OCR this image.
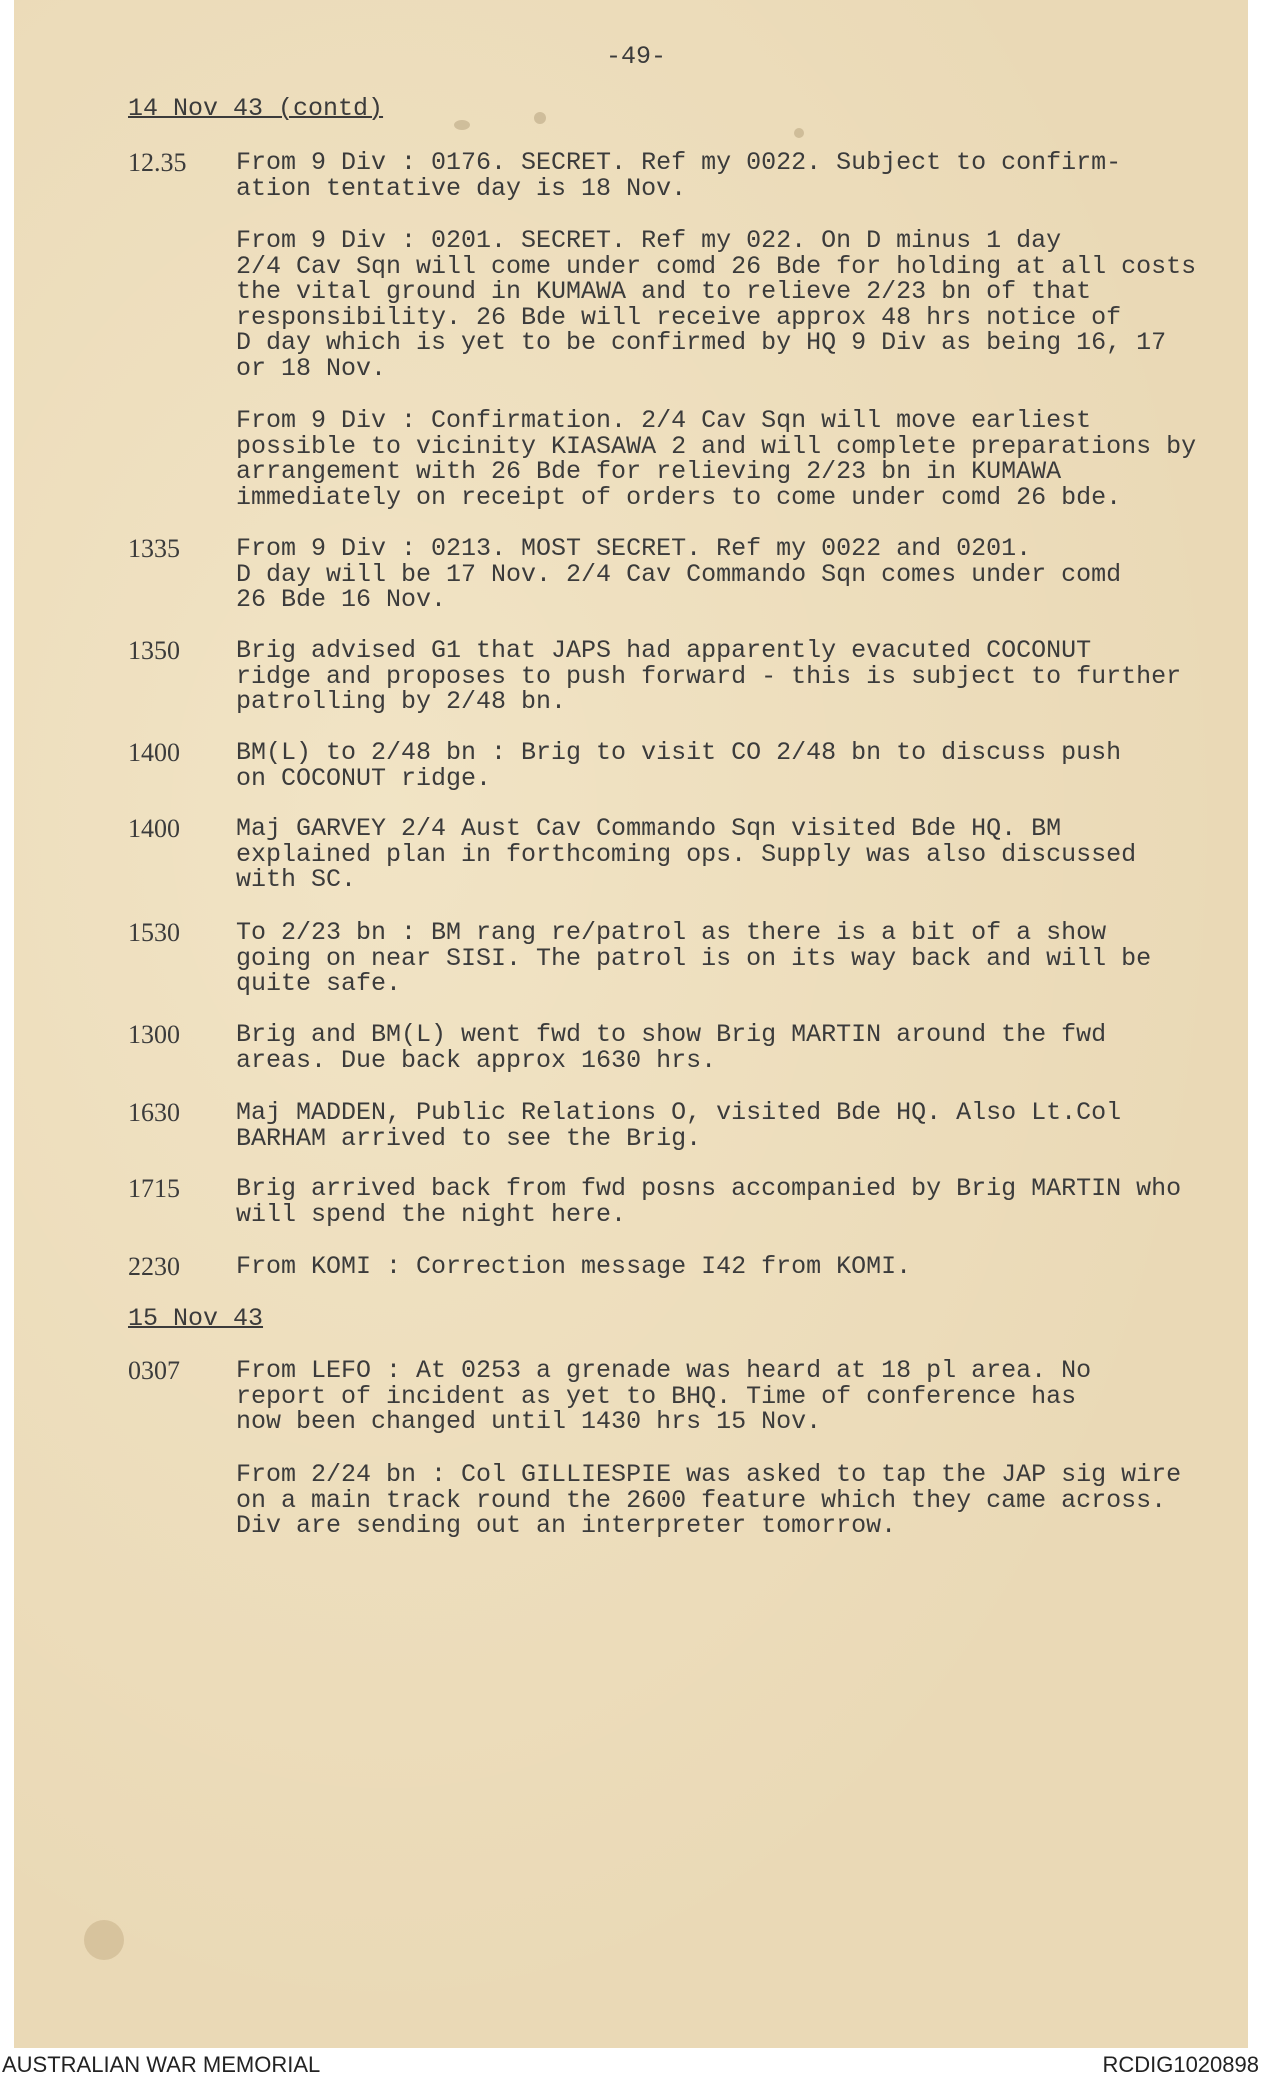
-49-
14 Nov 43 (contd)
12.35	From 9 Div : 0176. SECRET. Ref my 0022. Subject to confirm-
ation tentative day is 18 Nov.
From 9 Div : 0201. SECRET. Ref my 022. On D minus 1 day
2/4 Cav Sqn will come under comd 26 Bde for holding at all costs
the vital ground in KUMAWA and to relieve 2/23 bn of that
responsibility. 26 Bde will receive approx 48 hrs notice of
D day which is yet to be confirmed by HQ 9 Div as being 16, 17
or 18 Nov.
From 9 Div : Confirmation. 2/4 Cav Sqn will move earliest
possible to vicinity KIASAWA 2 and will complete preparations by
arrangement with 26 Bde for relieving 2/23 bn in KUMAWA
immediately on receipt of orders to come under comd 26 bde.
1335	From 9 Div : 0213. MOST SECRET. Ref my 0022 and 0201.
D day will be 17 Nov. 2/4 Cav Commando Sqn comes under comd
26 Bde 16 Nov.
1350	Brig advised G1 that JAPS had apparently evacuted COCONUT
ridge and proposes to push forward - this is subject to further
patrolling by 2/48 bn.
1400	BM(L) to 2/48 bn : Brig to visit CO 2/48 bn to discuss push
on COCONUT ridge.
1400	Maj GARVEY 2/4 Aust Cav Commando Sqn visited Bde HQ. BM
explained plan in forthcoming ops. Supply was also discussed
with SC.
1530	To 2/23 bn : BM rang re/patrol as there is a bit of a show
going on near SISI. The patrol is on its way back and will be
quite safe.
1300	Brig and BM(L) went fwd to show Brig MARTIN around the fwd
areas. Due back approx 1630 hrs.
1630	Maj MADDEN, Public Relations O, visited Bde HQ. Also Lt.Col
BARHAM arrived to see the Brig.
1715	Brig arrived back from fwd posns accompanied by Brig MARTIN who
will spend the night here.
2230	From KOMI : Correction message I42 from KOMI.
15 Nov 43
0307	From LEFO : At 0253 a grenade was heard at 18 pl area. No
report of incident as yet to BHQ. Time of conference has
now been changed until 1430 hrs 15 Nov.
From 2/24 bn : Col GILLIESPIE was asked to tap the JAP sig wire
on a main track round the 2600 feature which they came across.
Div are sending out an interpreter tomorrow.
AUSTRALIAN WAR MEMORIAL	RCDIG1020898
